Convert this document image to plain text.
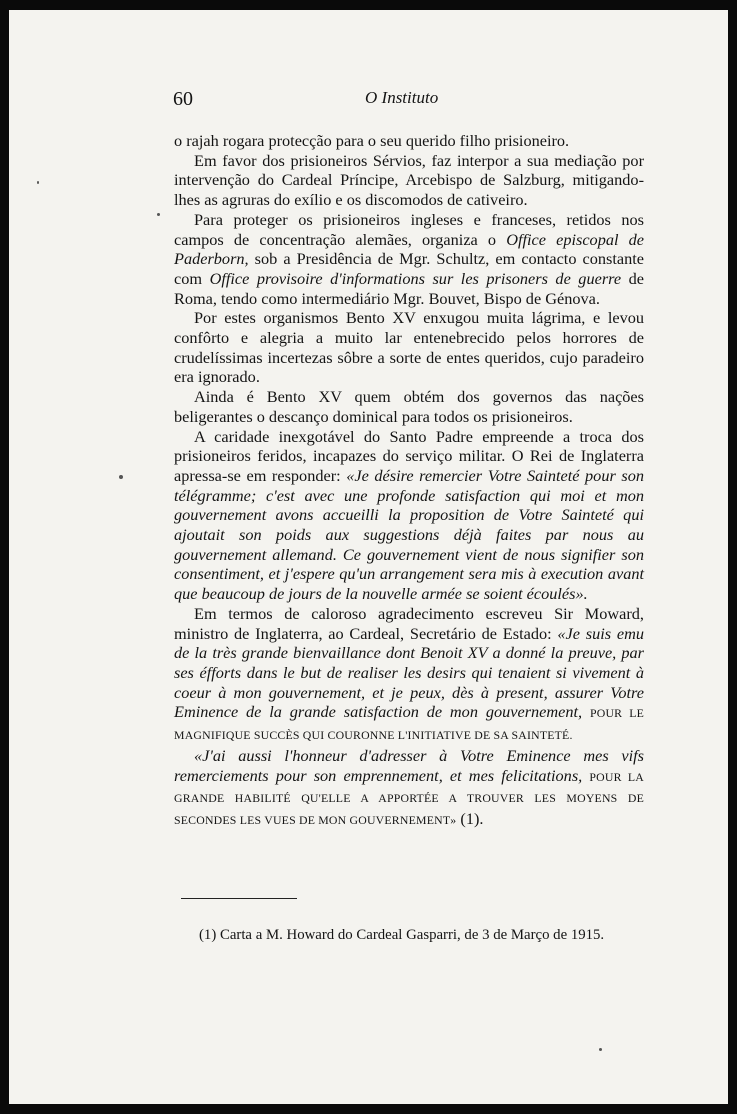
60	O Instituto

o rajah rogara protecção para o seu querido filho prisioneiro.

Em favor dos prisioneiros Sérvios, faz interpor a sua mediação por intervenção do Cardeal Príncipe, Arcebispo de Salzburg, mitigando-lhes as agruras do exílio e os discomodos de cativeiro.

Para proteger os prisioneiros ingleses e franceses, retidos nos campos de concentração alemães, organiza o Office episcopal de Paderborn, sob a Presidência de Mgr. Schultz, em contacto constante com Office provisoire d'informations sur les prisoners de guerre de Roma, tendo como intermediário Mgr. Bouvet, Bispo de Génova.

Por estes organismos Bento XV enxugou muita lágrima, e levou confôrto e alegria a muito lar entenebrecido pelos horrores de crudelíssimas incertezas sôbre a sorte de entes queridos, cujo paradeiro era ignorado.

Ainda é Bento XV quem obtém dos governos das nações beligerantes o descanço dominical para todos os prisioneiros.

A caridade inexgotável do Santo Padre empreende a troca dos prisioneiros feridos, incapazes do serviço militar. O Rei de Inglaterra apressa-se em responder: «Je désire remercier Votre Sainteté pour son télégramme; c'est avec une profonde satisfaction qui moi et mon gouvernement avons accueilli la proposition de Votre Sainteté qui ajoutait son poids aux suggestions déjà faites par nous au gouvernement allemand. Ce gouvernement vient de nous signifier son consentiment, et j'espere qu'un arrangement sera mis à execution avant que beaucoup de jours de la nouvelle armée se soient écoulés».

Em termos de caloroso agradecimento escreveu Sir Moward, ministro de Inglaterra, ao Cardeal, Secretário de Estado: «Je suis emu de la très grande bienvaillance dont Benoit XV a donné la preuve, par ses éfforts dans le but de realiser les desirs qui tenaient si vivement à coeur à mon gouvernement, et je peux, dès à present, assurer Votre Eminence de la grande satisfaction de mon gouvernement, POUR LE MAGNIFIQUE SUCCÈS QUI COURONNE L'INITIATIVE DE SA SAINTETÉ.

«J'ai aussi l'honneur d'adresser à Votre Eminence mes vifs remerciements pour son emprennement, et mes felicitations, POUR LA GRANDE HABILITÉ QU'ELLE A APPORTÉE A TROUVER LES MOYENS DE SECONDES LES VUES DE MON GOUVERNEMENT» (1).

(1) Carta a M. Howard do Cardeal Gasparri, de 3 de Março de 1915.
